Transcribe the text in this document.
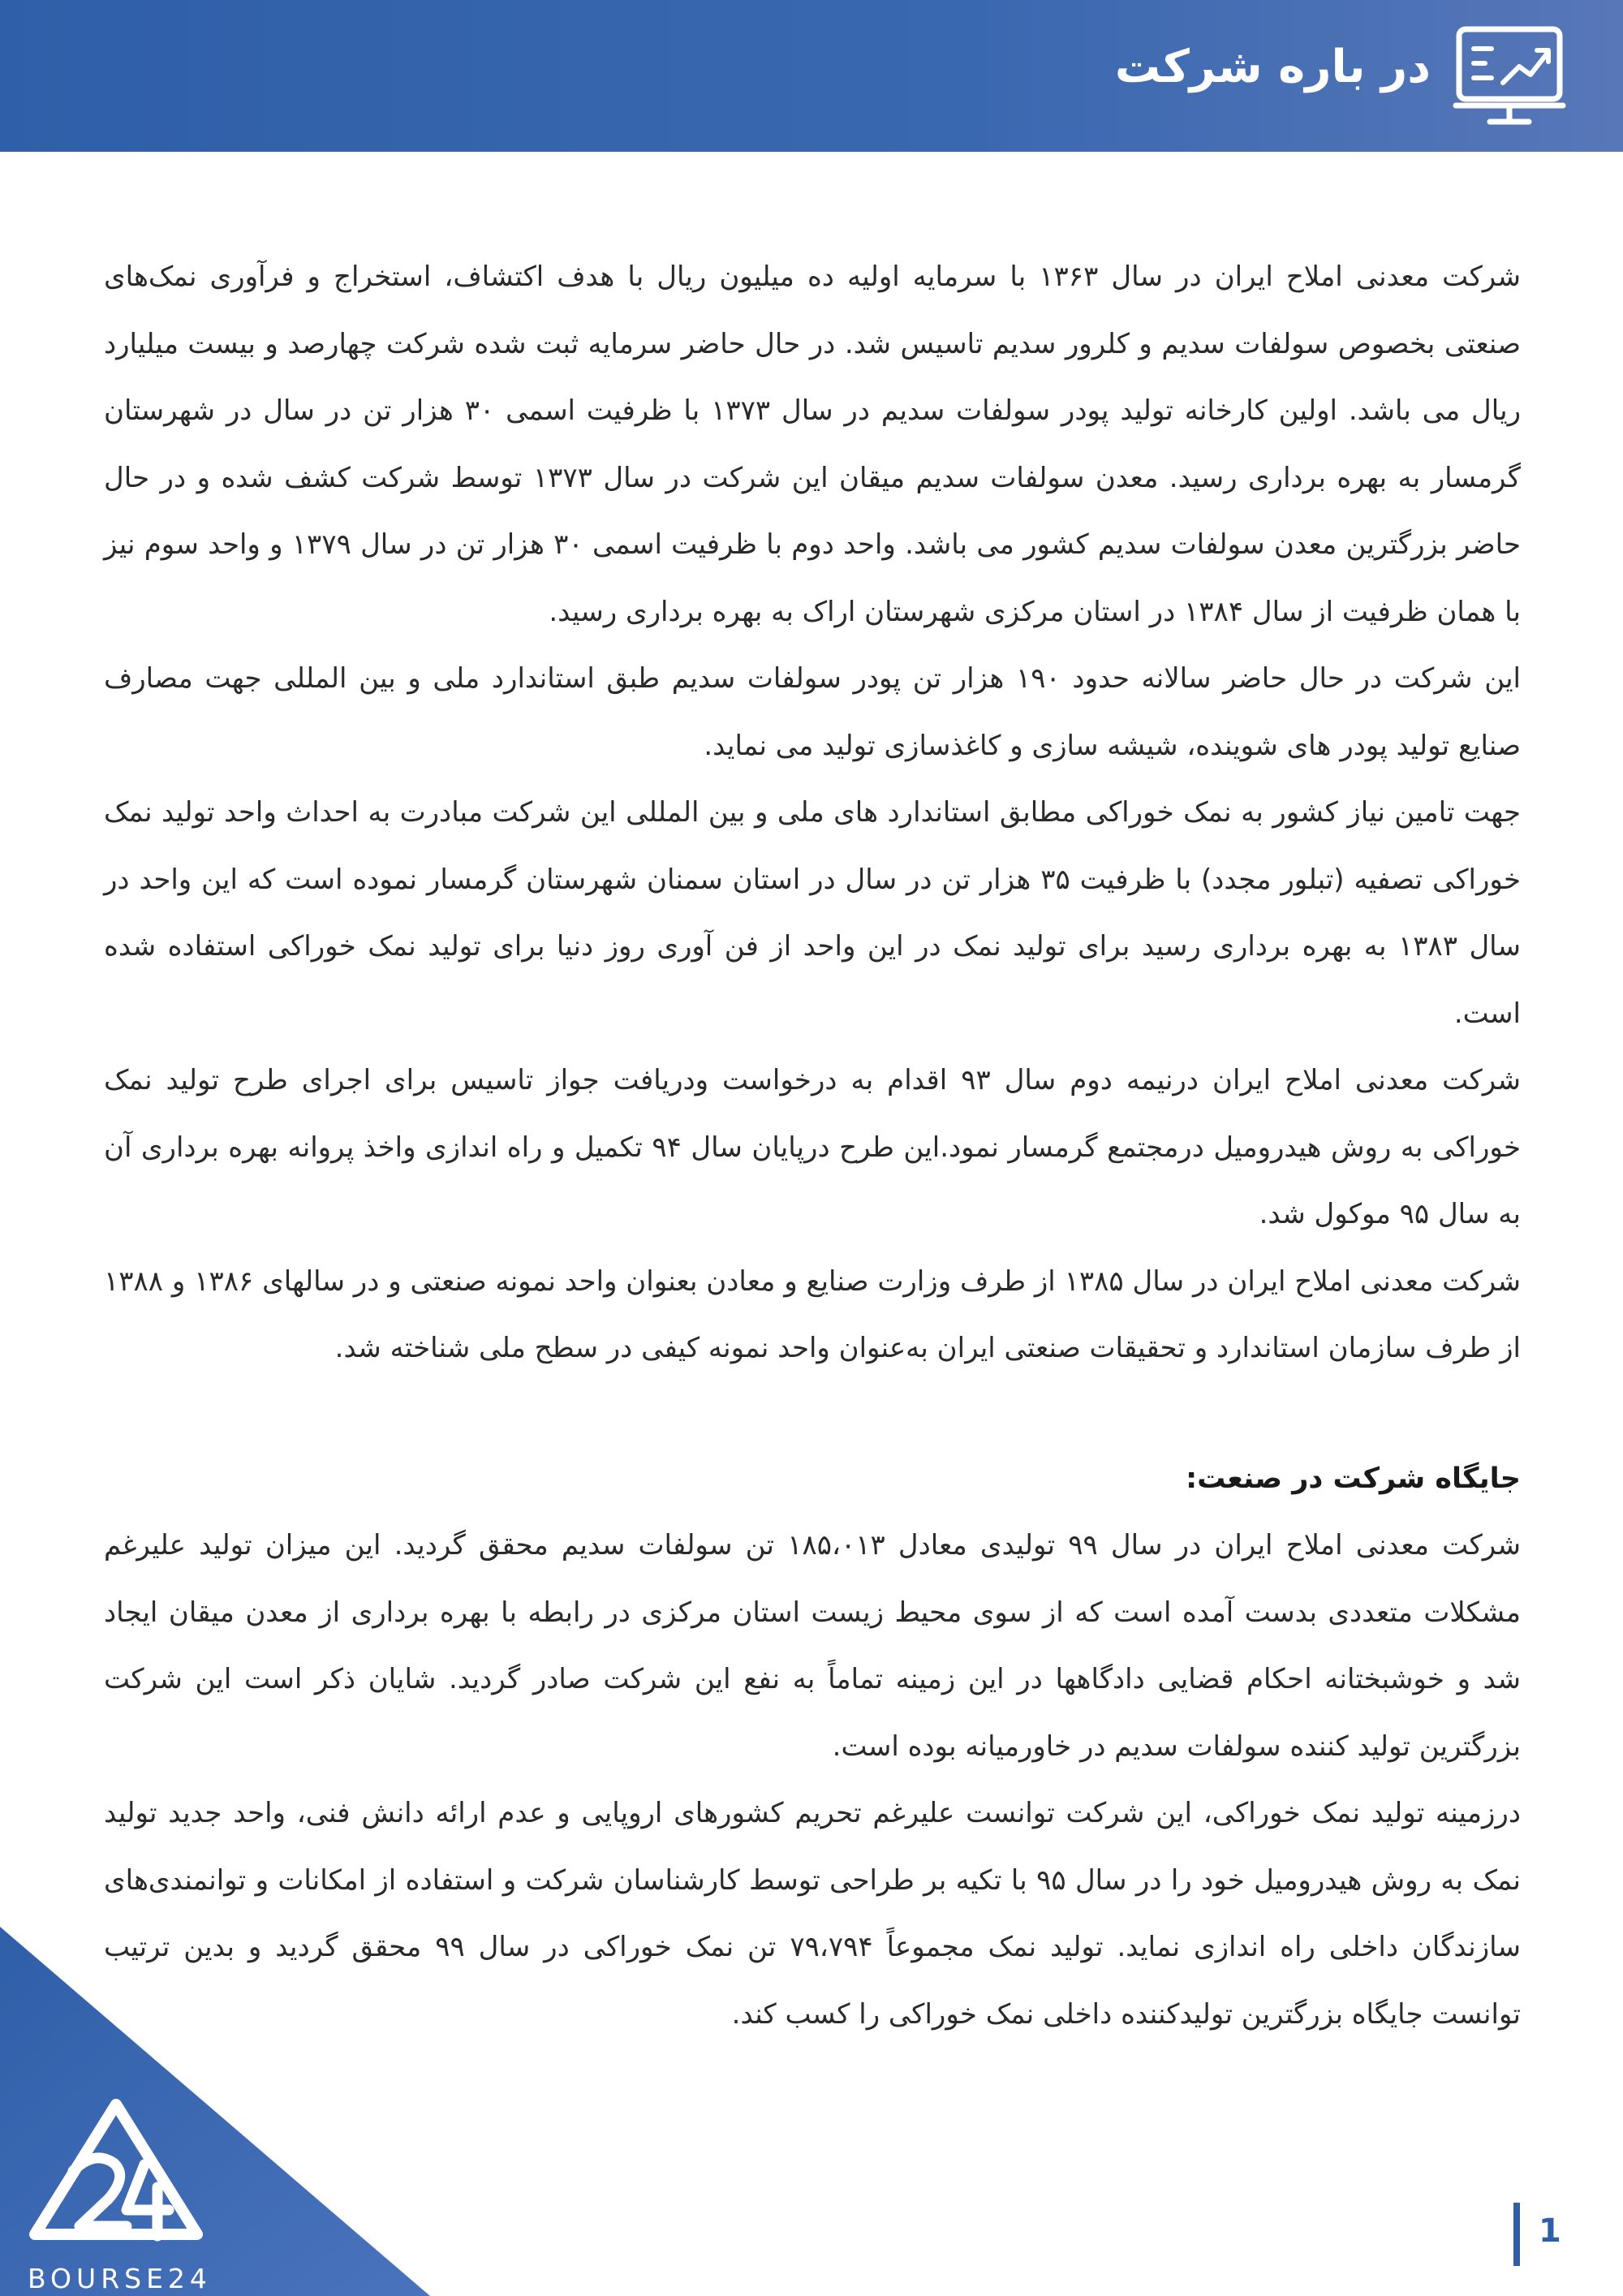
در باره شرکت

شرکت معدنی املاح ایران در سال ۱۳۶۳ با سرمایه اولیه ده میلیون ریال با هدف اکتشاف، استخراج و فرآوری نمک‌های صنعتی بخصوص سولفات سدیم و کلرور سدیم تاسیس شد. در حال حاضر سرمایه ثبت شده شرکت چهارصد و بیست میلیارد ریال می باشد. اولین کارخانه تولید پودر سولفات سدیم در سال ۱۳۷۳ با ظرفیت اسمی ۳۰ هزار تن در سال در شهرستان گرمسار به بهره برداری رسید. معدن سولفات سدیم میقان این شرکت در سال ۱۳۷۳ توسط شرکت کشف شده و در حال حاضر بزرگترین معدن سولفات سدیم کشور می باشد. واحد دوم با ظرفیت اسمی ۳۰ هزار تن در سال ۱۳۷۹ و واحد سوم نیز با همان ظرفیت از سال ۱۳۸۴ در استان مرکزی شهرستان اراک به بهره برداری رسید.

این شرکت در حال حاضر سالانه حدود ۱۹۰ هزار تن پودر سولفات سدیم طبق استاندارد ملی و بین المللی جهت مصارف صنایع تولید پودر های شوینده، شیشه سازی و کاغذسازی تولید می نماید.

جهت تامین نیاز کشور به نمک خوراکی مطابق استاندارد های ملی و بین المللی این شرکت مبادرت به احداث واحد تولید نمک خوراکی تصفیه (تبلور مجدد) با ظرفیت ۳۵ هزار تن در سال در استان سمنان شهرستان گرمسار نموده است که این واحد در سال ۱۳۸۳ به بهره برداری رسید برای تولید نمک در این واحد از فن آوری روز دنیا برای تولید نمک خوراکی استفاده شده است.

شرکت معدنی املاح ایران درنیمه دوم سال ۹۳ اقدام به درخواست ودریافت جواز تاسیس برای اجرای طرح تولید نمک خوراکی به روش هیدرومیل درمجتمع گرمسار نمود.این طرح درپایان سال ۹۴ تکمیل و راه اندازی واخذ پروانه بهره برداری آن به سال ۹۵ موکول شد.

شرکت معدنی املاح ایران در سال ۱۳۸۵ از طرف وزارت صنایع و معادن بعنوان واحد نمونه صنعتی و در سالهای ۱۳۸۶ و ۱۳۸۸ از طرف سازمان استاندارد و تحقیقات صنعتی ایران به‌عنوان واحد نمونه کیفی در سطح ملی شناخته شد.

جایگاه شرکت در صنعت:

شرکت معدنی املاح ایران در سال ۹۹ تولیدی معادل ۱۸۵،۰۱۳ تن سولفات سدیم محقق گردید. این میزان تولید علیرغم مشکلات متعددی بدست آمده است که از سوی محیط زیست استان مرکزی در رابطه با بهره برداری از معدن میقان ایجاد شد و خوشبختانه احکام قضایی دادگاهها در این زمینه تماماً به نفع این شرکت صادر گردید. شایان ذکر است این شرکت بزرگترین تولید کننده سولفات سدیم در خاورمیانه بوده است.

درزمینه تولید نمک خوراکی، این شرکت توانست علیرغم تحریم کشورهای اروپایی و عدم ارائه دانش فنی، واحد جدید تولید نمک به روش هیدرومیل خود را در سال ۹۵ با تکیه بر طراحی توسط کارشناسان شرکت و استفاده از امکانات و توانمندی‌های سازندگان داخلی راه اندازی نماید. تولید نمک مجموعاً ۷۹،۷۹۴ تن نمک خوراکی در سال ۹۹ محقق گردید و بدین ترتیب توانست جایگاه بزرگترین تولیدکننده داخلی نمک خوراکی را کسب کند.

BOURSE24
1
